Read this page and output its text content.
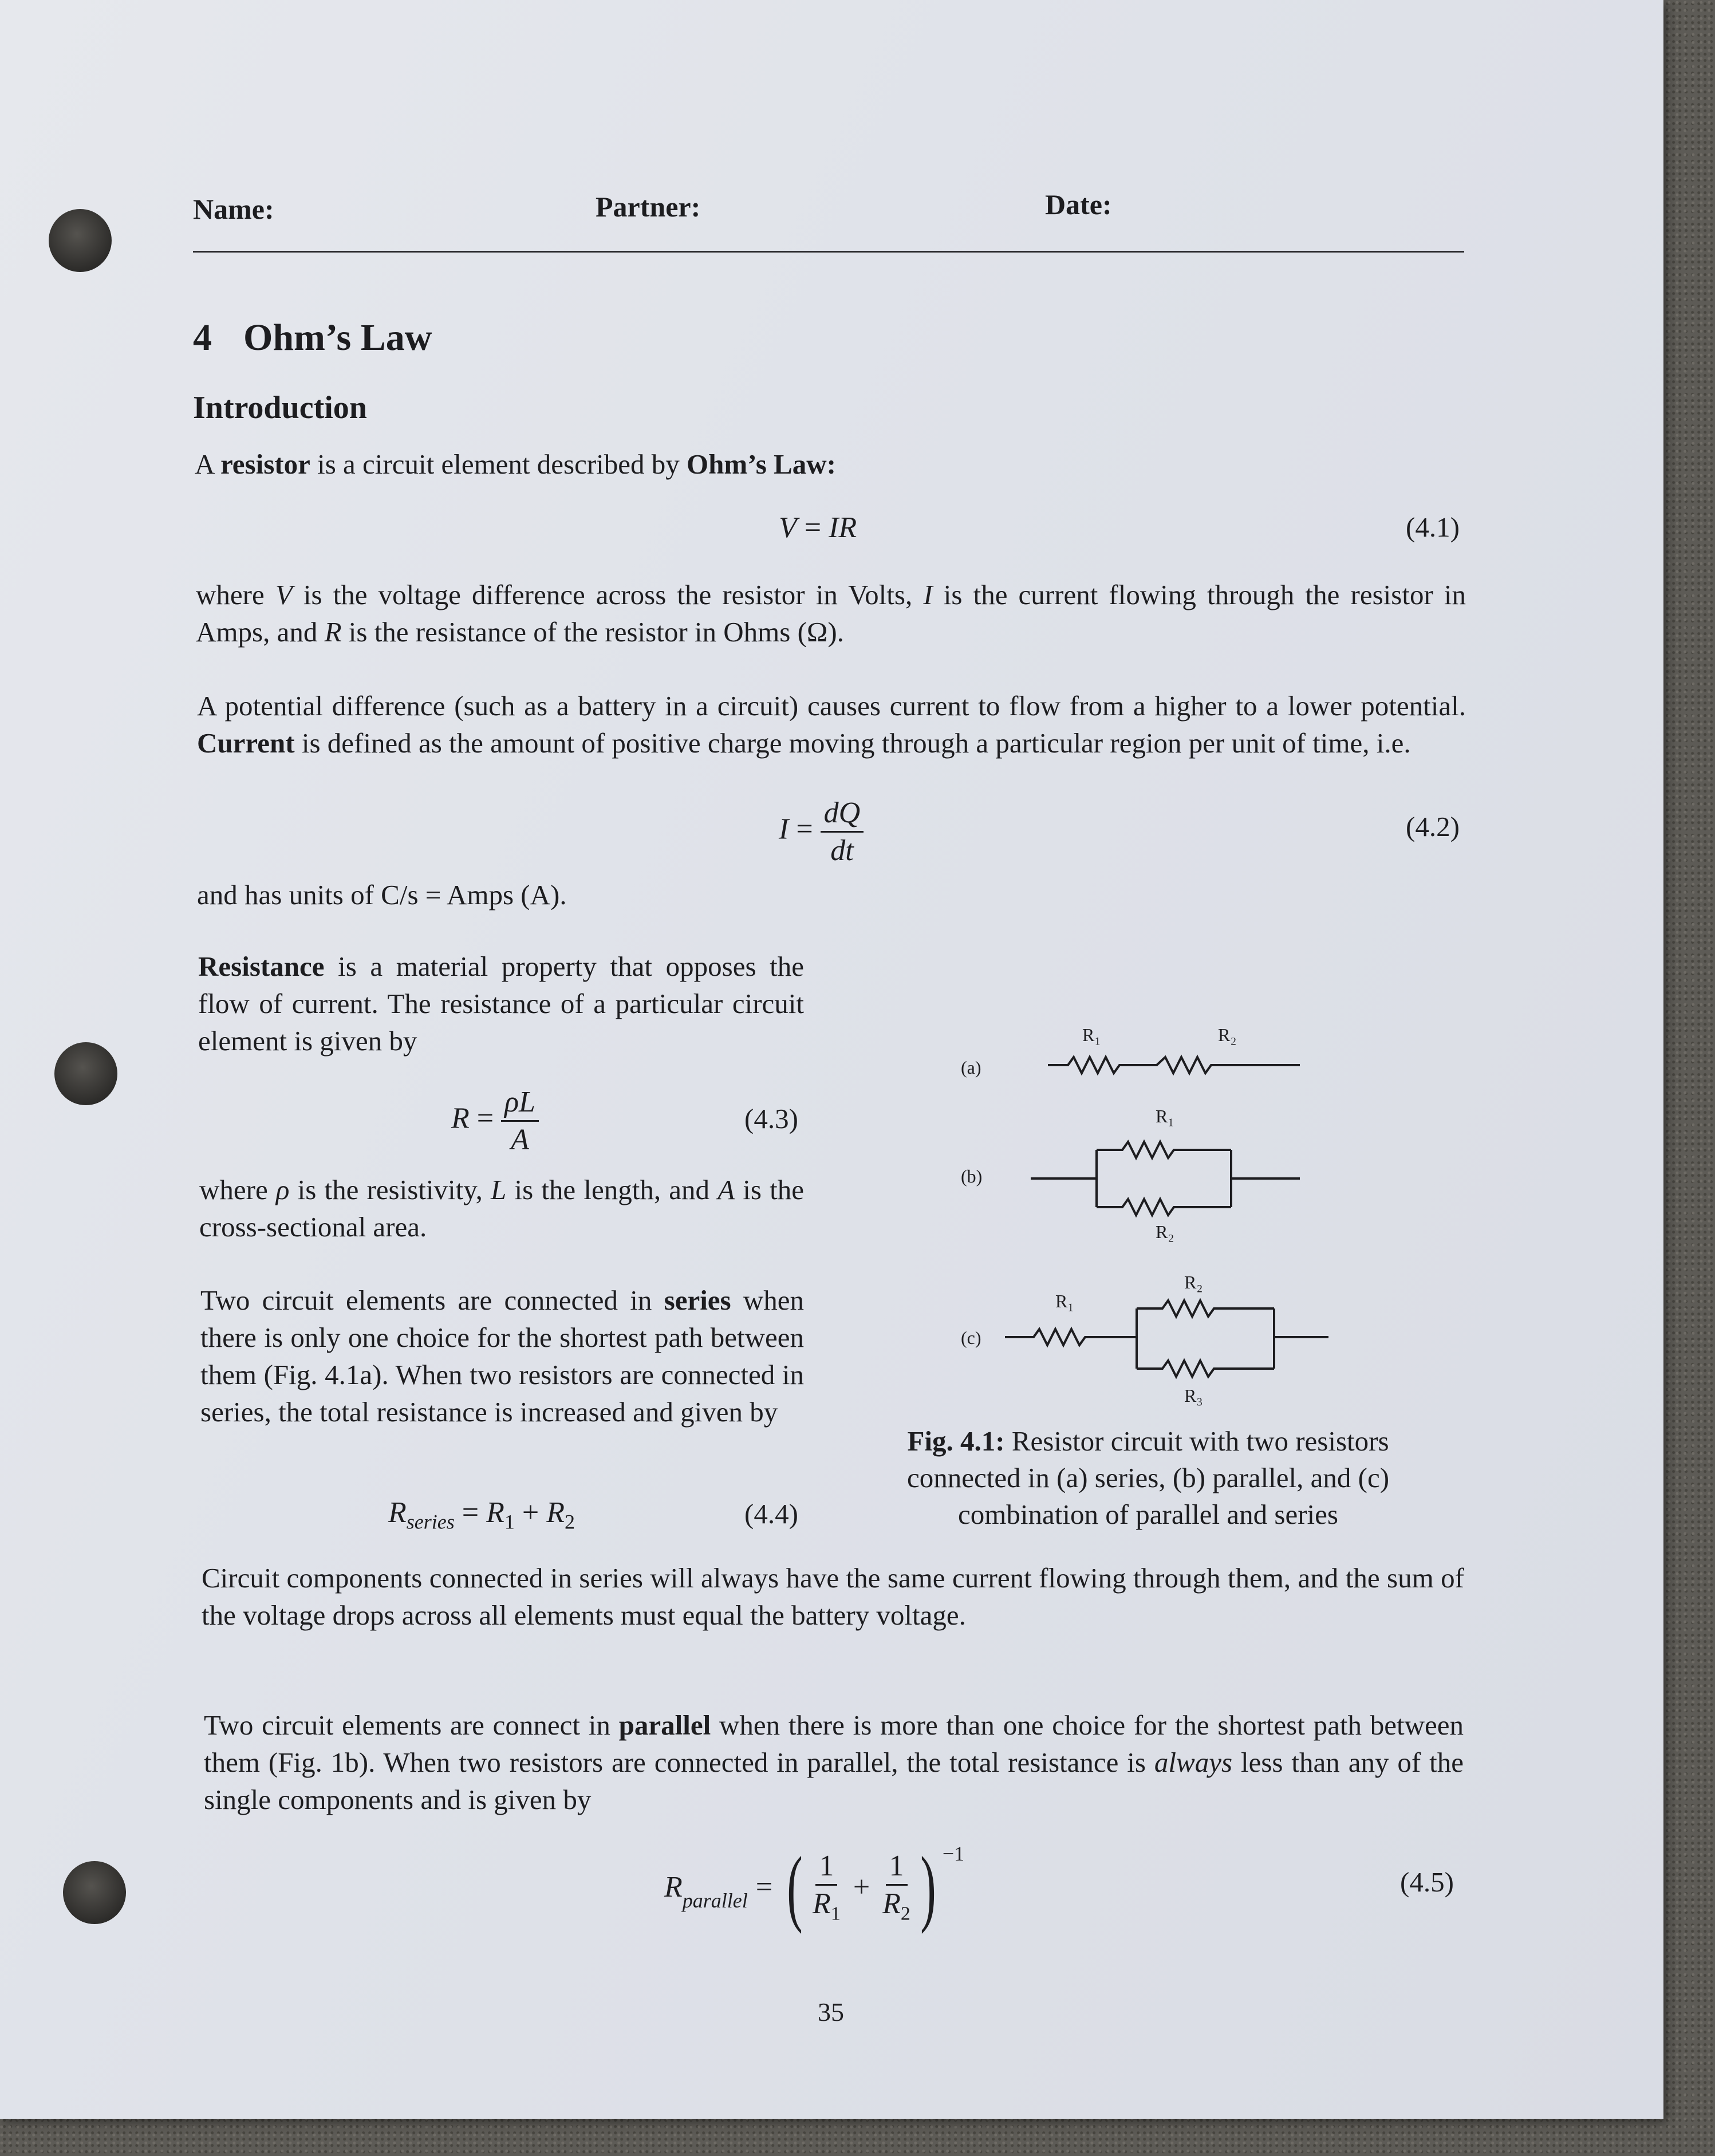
Name:	Partner:	Date:
4 Ohm’s Law
Introduction
A resistor is a circuit element described by Ohm’s Law:
V = IR	(4.1)
where V is the voltage difference across the resistor in Volts, I is the current flowing through the resistor in Amps, and R is the resistance of the resistor in Ohms (Ω).
A potential difference (such as a battery in a circuit) causes current to flow from a higher to a lower potential. Current is defined as the amount of positive charge moving through a particular region per unit of time, i.e.
$I = \frac{dQ}{dt}$	(4.2)
and has units of C/s = Amps (A).
Resistance is a material property that opposes the flow of current. The resistance of a particular circuit element is given by
$R = \frac{\rho L}{A}$	(4.3)
where ρ is the resistivity, L is the length, and A is the cross-sectional area.
Two circuit elements are connected in series when there is only one choice for the shortest path between them (Fig. 4.1a). When two resistors are connected in series, the total resistance is increased and given by
$R_{series} = R_1 + R_2$	(4.4)
(a)
(b)
(c)
R₁	R₂
R₁
R₂
R₁
R₂
R₃
Fig. 4.1: Resistor circuit with two resistors connected in (a) series, (b) parallel, and (c) combination of parallel and series
Circuit components connected in series will always have the same current flowing through them, and the sum of the voltage drops across all elements must equal the battery voltage.
Two circuit elements are connect in parallel when there is more than one choice for the shortest path between them (Fig. 1b). When two resistors are connected in parallel, the total resistance is always less than any of the single components and is given by
$R_{parallel}$ = ( $\frac{1}{R_1} + \frac{1}{R_2}$ ) $^{-1}$
(4.5)
35
